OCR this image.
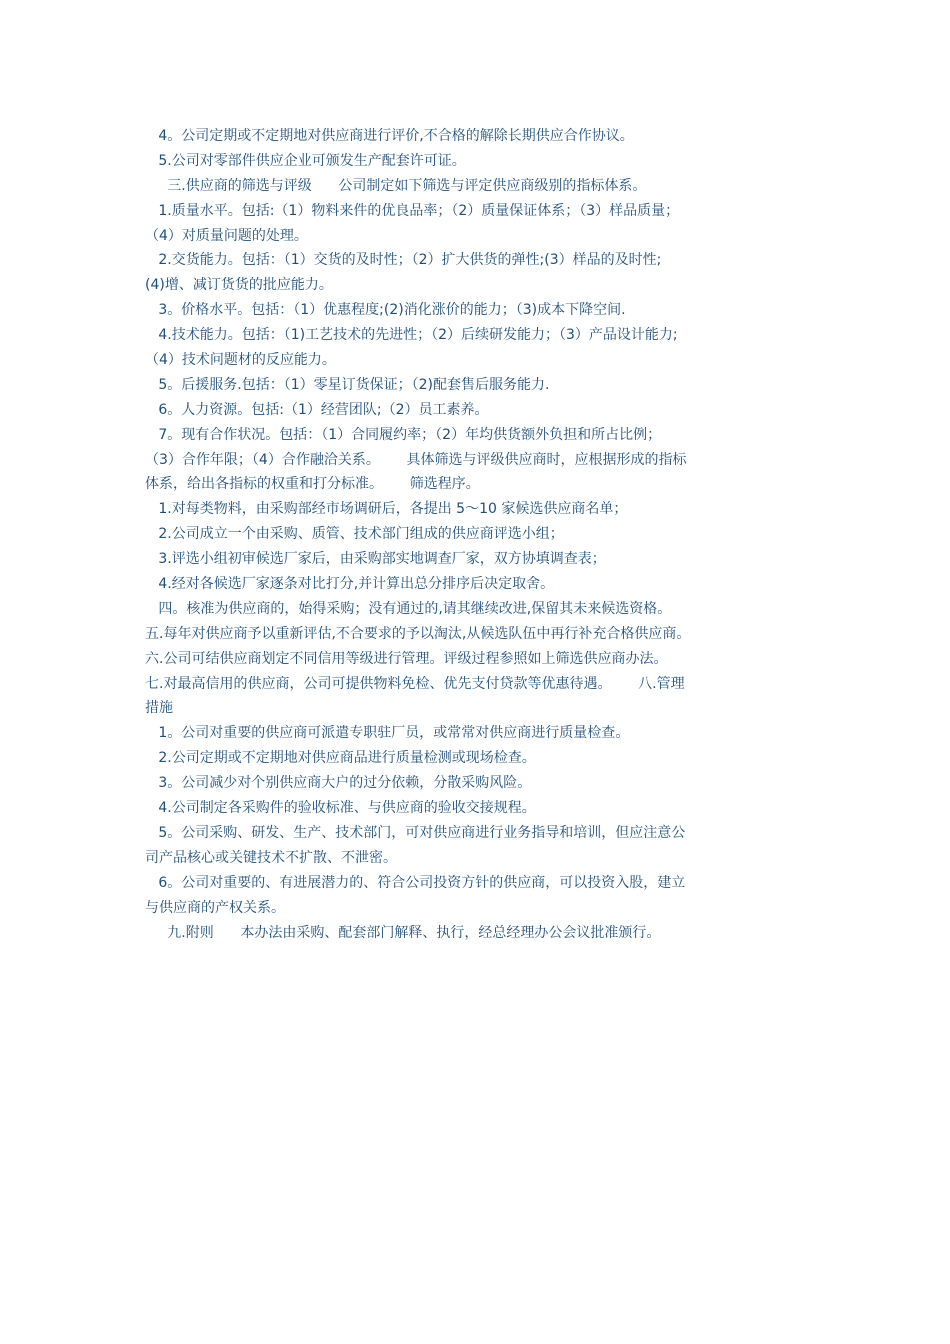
4。公司定期或不定期地对供应商进行评价,不合格的解除长期供应合作协议。
5.公司对零部件供应企业可颁发生产配套许可证。
三.供应商的筛选与评级      公司制定如下筛选与评定供应商级别的指标体系。
1.质量水平。包括:（1）物料来件的优良品率；（2）质量保证体系；（3）样品质量；
（4）对质量问题的处理。
2.交货能力。包括：（1）交货的及时性；（2）扩大供货的弹性;(3）样品的及时性;
(4)增、减订货货的批应能力。
3。价格水平。包括：（1）优惠程度;(2)消化涨价的能力；（3)成本下降空间.
4.技术能力。包括：（1)工艺技术的先进性；（2）后续研发能力；（3）产品设计能力;
（4）技术问题材的反应能力。
5。后援服务.包括：（1）零星订货保证；（2)配套售后服务能力.
6。人力资源。包括:（1）经营团队;（2）员工素养。
7。现有合作状况。包括：（1）合同履约率；（2）年均供货额外负担和所占比例；
（3）合作年限；（4）合作融洽关系。      具体筛选与评级供应商时，应根据形成的指标
体系，给出各指标的权重和打分标准。      筛选程序。
1.对每类物料，由采购部经市场调研后，各提出 5～10 家候选供应商名单；
2.公司成立一个由采购、质管、技术部门组成的供应商评选小组；
3.评选小组初审候选厂家后，由采购部实地调查厂家，双方协填调查表；
4.经对各候选厂家逐条对比打分,并计算出总分排序后决定取舍。
四。核准为供应商的，始得采购；没有通过的,请其继续改进,保留其未来候选资格。
五.每年对供应商予以重新评估,不合要求的予以淘汰,从候选队伍中再行补充合格供应商。
六.公司可结供应商划定不同信用等级进行管理。评级过程参照如上筛选供应商办法。
七.对最高信用的供应商，公司可提供物料免检、优先支付贷款等优惠待遇。      八.管理
措施
1。公司对重要的供应商可派遣专职驻厂员，或常常对供应商进行质量检查。
2.公司定期或不定期地对供应商品进行质量检测或现场检查。
3。公司减少对个别供应商大户的过分依赖，分散采购风险。
4.公司制定各采购件的验收标准、与供应商的验收交接规程。
5。公司采购、研发、生产、技术部门，可对供应商进行业务指导和培训，但应注意公
司产品核心或关键技术不扩散、不泄密。
6。公司对重要的、有进展潜力的、符合公司投资方针的供应商，可以投资入股，建立
与供应商的产权关系。
九.附则      本办法由采购、配套部门解释、执行，经总经理办公会议批准颁行。
